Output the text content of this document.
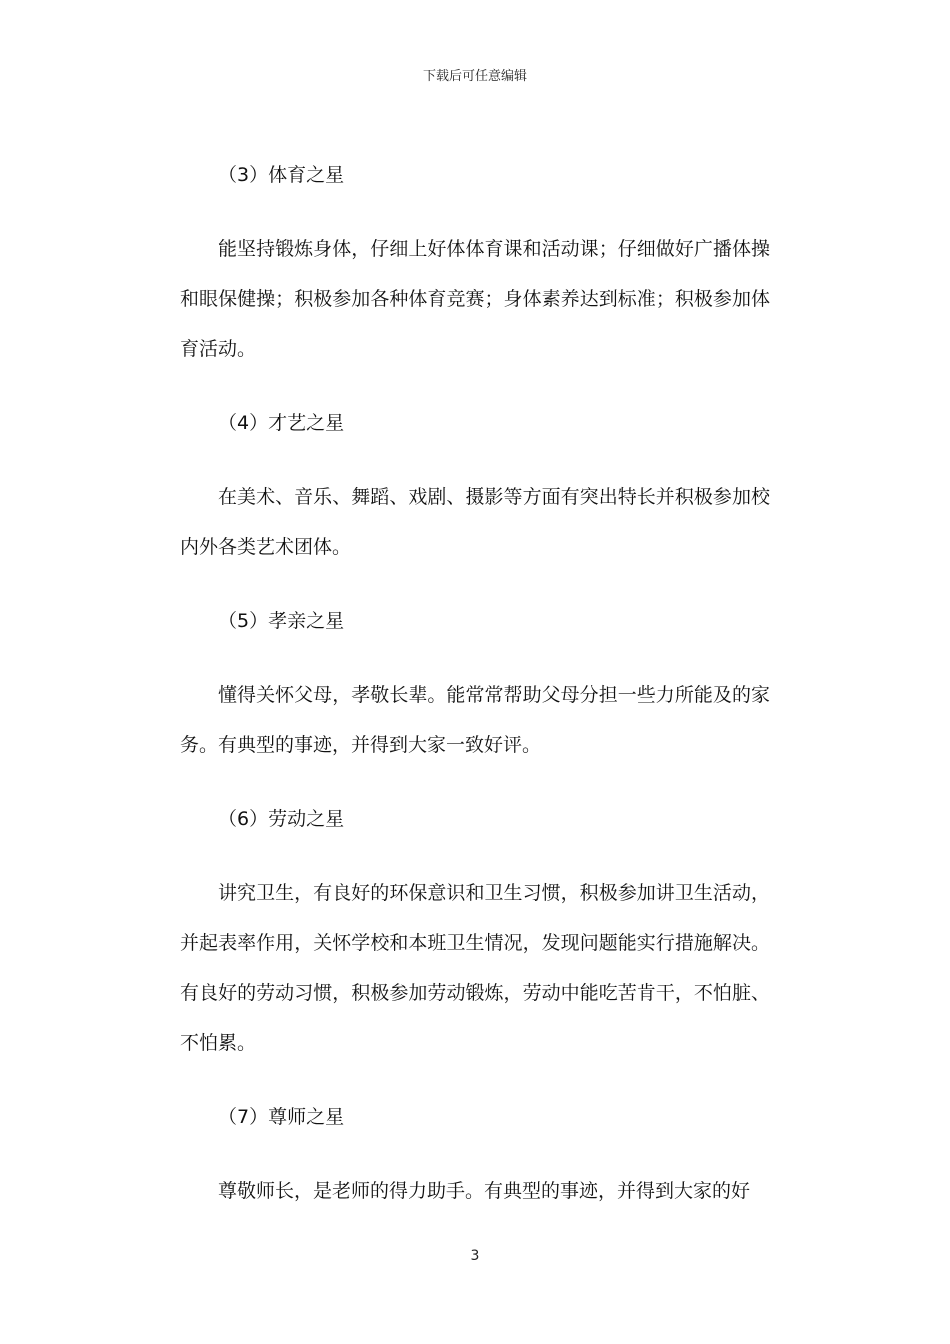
下载后可任意编辑

（3）体育之星

能坚持锻炼身体，仔细上好体体育课和活动课；仔细做好广播体操和眼保健操；积极参加各种体育竞赛；身体素养达到标准；积极参加体育活动。

（4）才艺之星

在美术、音乐、舞蹈、戏剧、摄影等方面有突出特长并积极参加校内外各类艺术团体。

（5）孝亲之星

懂得关怀父母，孝敬长辈。能常常帮助父母分担一些力所能及的家务。有典型的事迹，并得到大家一致好评。

（6）劳动之星

讲究卫生，有良好的环保意识和卫生习惯，积极参加讲卫生活动，并起表率作用，关怀学校和本班卫生情况，发现问题能实行措施解决。有良好的劳动习惯，积极参加劳动锻炼，劳动中能吃苦肯干，不怕脏、不怕累。

（7）尊师之星

尊敬师长，是老师的得力助手。有典型的事迹，并得到大家的好

3
